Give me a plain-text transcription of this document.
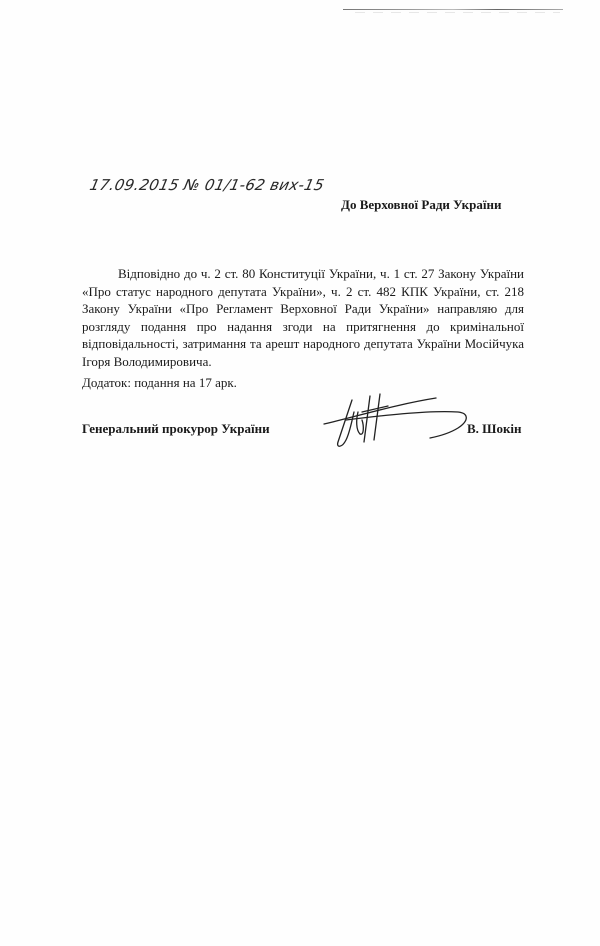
17.09.2015 № 01/1-62 вих-15
До Верховної Ради України

Відповідно до ч. 2 ст. 80 Конституції України, ч. 1 ст. 27 Закону України «Про статус народного депутата України», ч. 2 ст. 482 КПК України, ст. 218 Закону України «Про Регламент Верховної Ради України» направляю для розгляду подання про надання згоди на притягнення до кримінальної відповідальності, затримання та арешт народного депутата України Мосійчука Ігоря Володимировича.

Додаток: подання на 17 арк.
Генеральний прокурор України	В. Шокін
